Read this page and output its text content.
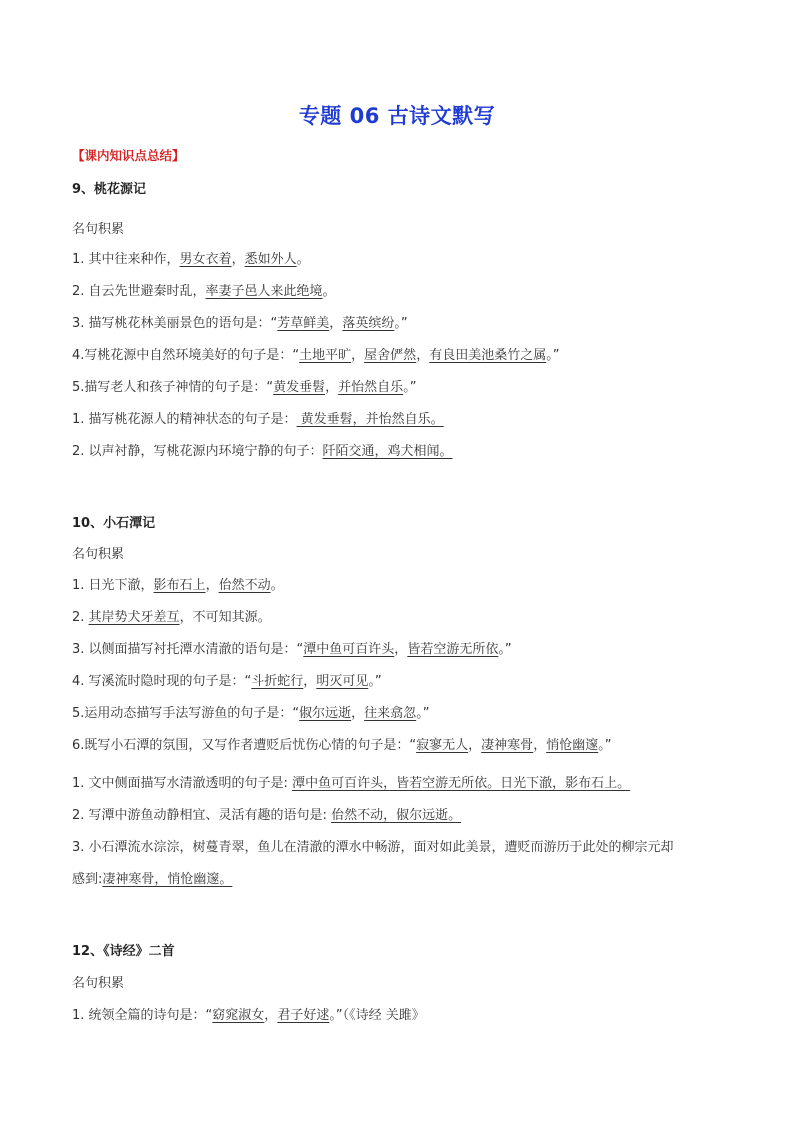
专题 06 古诗文默写
【课内知识点总结】
9、桃花源记
名句积累
1. 其中往来种作，男女衣着，悉如外人。
2. 自云先世避秦时乱，率妻子邑人来此绝境。
3. 描写桃花林美丽景色的语句是：“芳草鲜美，落英缤纷。”
4.写桃花源中自然环境美好的句子是：“土地平旷，屋舍俨然，有良田美池桑竹之属。”
5.描写老人和孩子神情的句子是：“黄发垂髫，并怡然自乐。”
1. 描写桃花源人的精神状态的句子是： 黄发垂髫，并怡然自乐。
2. 以声衬静，写桃花源内环境宁静的句子：阡陌交通，鸡犬相闻。
10、小石潭记
名句积累
1. 日光下澈，影布石上，佁然不动。
2. 其岸势犬牙差互，不可知其源。
3. 以侧面描写衬托潭水清澈的语句是：“潭中鱼可百许头，皆若空游无所依。”
4. 写溪流时隐时现的句子是：“斗折蛇行，明灭可见。”
5.运用动态描写手法写游鱼的句子是：“俶尔远逝，往来翕忽。”
6.既写小石潭的氛围，又写作者遭贬后忧伤心情的句子是：“寂寥无人，凄神寒骨，悄怆幽邃。”
1. 文中侧面描写水清澈透明的句子是: 潭中鱼可百许头，皆若空游无所依。日光下澈，影布石上。
2. 写潭中游鱼动静相宜、灵活有趣的语句是: 佁然不动，俶尔远逝。
3. 小石潭流水淙淙，树蔓青翠，鱼儿在清澈的潭水中畅游，面对如此美景，遭贬而游历于此处的柳宗元却
感到:凄神寒骨，悄怆幽邃。
12、《诗经》二首
名句积累
1. 统领全篇的诗句是：“窈窕淑女，君子好逑。”（《诗经 关雎》
